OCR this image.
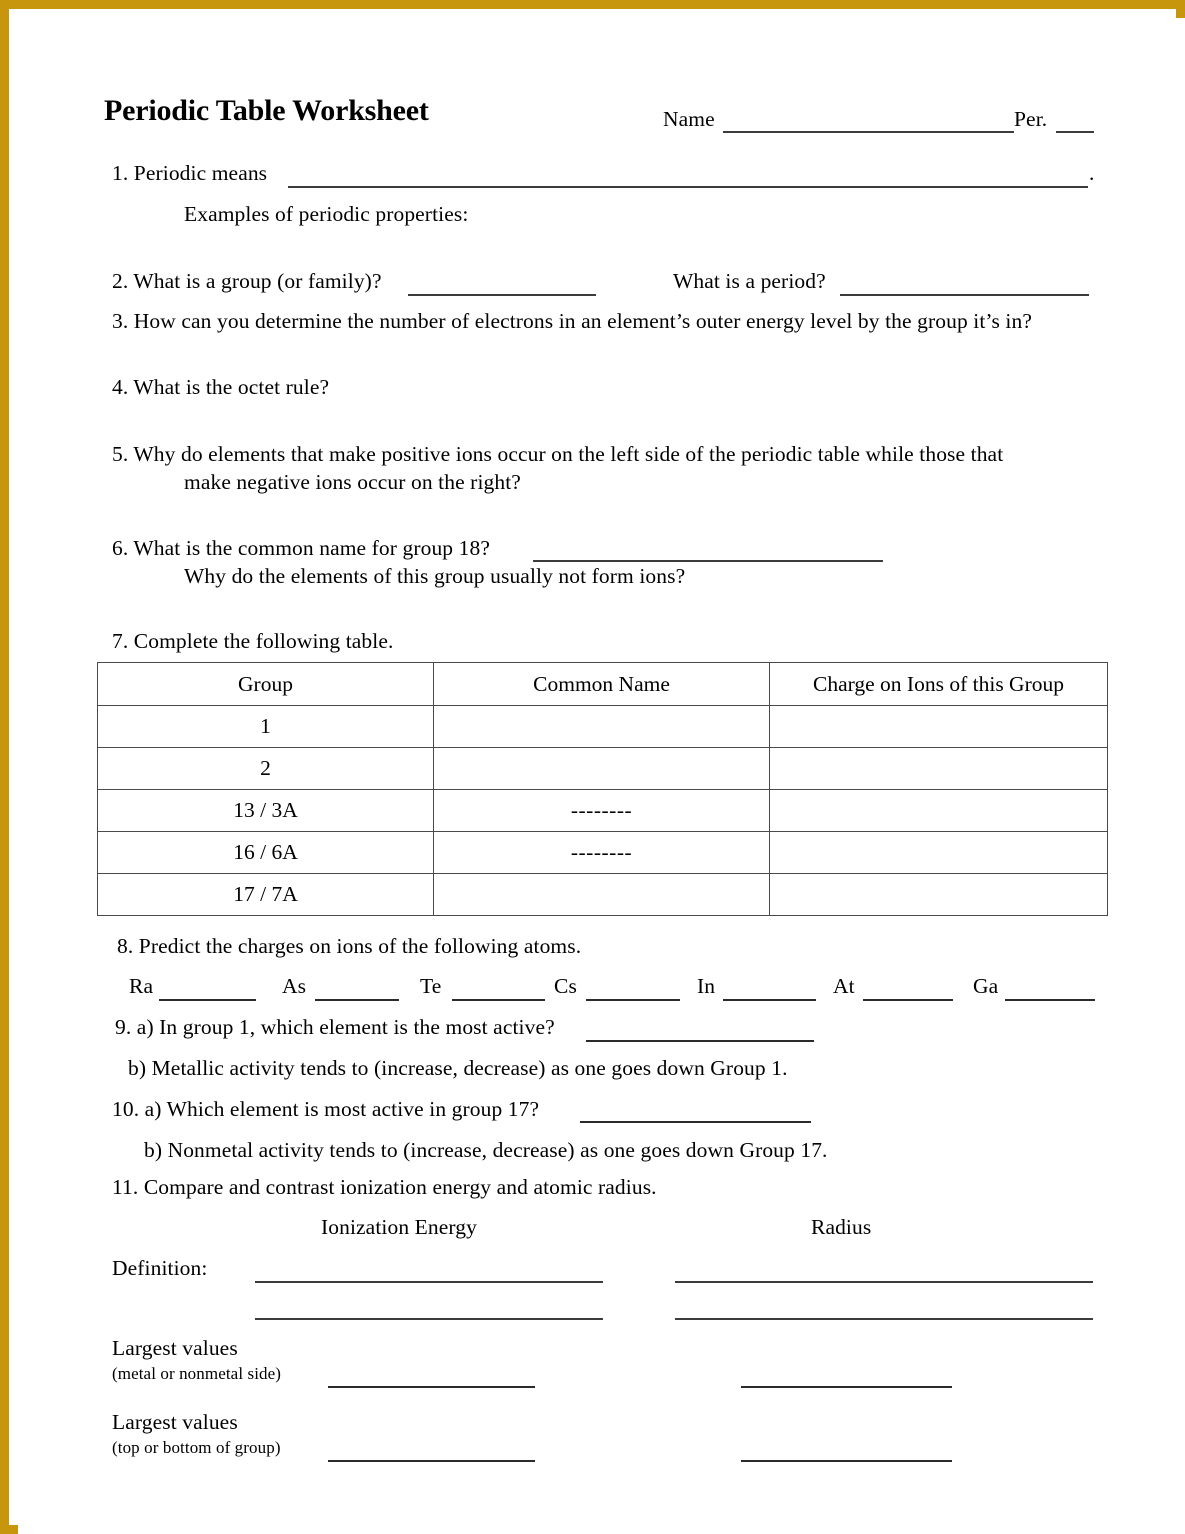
Periodic Table Worksheet	Name	Per.
1. Periodic means	.
Examples of periodic properties:
2. What is a group (or family)?	What is a period?
3. How can you determine the number of electrons in an element’s outer energy level by the group it’s in?
4. What is the octet rule?
5. Why do elements that make positive ions occur on the left side of the periodic table while those that
make negative ions occur on the right?
6. What is the common name for group 18?
Why do the elements of this group usually not form ions?
7. Complete the following table.
Group	Common Name	Charge on Ions of this Group
1		
2		
13 / 3A	--------	
16 / 6A	--------	
17 / 7A		
8. Predict the charges on ions of the following atoms.
Ra	As	Te	Cs	In	At	Ga
9. a) In group 1, which element is the most active?
b) Metallic activity tends to (increase, decrease) as one goes down Group 1.
10. a) Which element is most active in group 17?
b) Nonmetal activity tends to (increase, decrease) as one goes down Group 17.
11. Compare and contrast ionization energy and atomic radius.
Ionization Energy	Radius
Definition:
Largest values
(metal or nonmetal side)
Largest values
(top or bottom of group)
